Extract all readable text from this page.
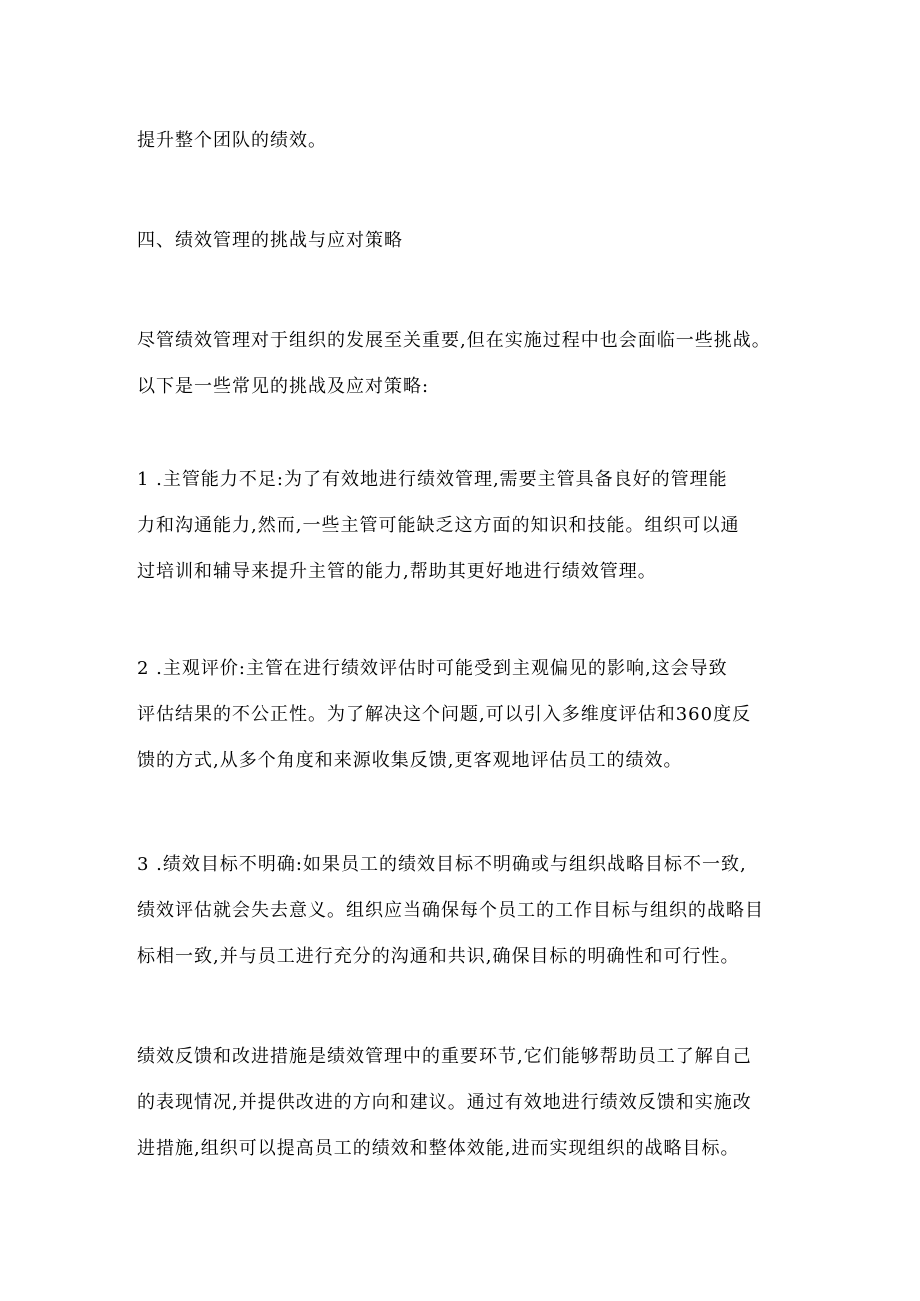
提升整个团队的绩效。

四、绩效管理的挑战与应对策略

尽管绩效管理对于组织的发展至关重要,但在实施过程中也会面临一些挑战。
以下是一些常见的挑战及应对策略:

1 .主管能力不足:为了有效地进行绩效管理,需要主管具备良好的管理能
力和沟通能力,然而,一些主管可能缺乏这方面的知识和技能。组织可以通
过培训和辅导来提升主管的能力,帮助其更好地进行绩效管理。

2 .主观评价:主管在进行绩效评估时可能受到主观偏见的影响,这会导致
评估结果的不公正性。为了解决这个问题,可以引入多维度评估和360度反
馈的方式,从多个角度和来源收集反馈,更客观地评估员工的绩效。

3 .绩效目标不明确:如果员工的绩效目标不明确或与组织战略目标不一致,
绩效评估就会失去意义。组织应当确保每个员工的工作目标与组织的战略目
标相一致,并与员工进行充分的沟通和共识,确保目标的明确性和可行性。

绩效反馈和改进措施是绩效管理中的重要环节,它们能够帮助员工了解自己
的表现情况,并提供改进的方向和建议。通过有效地进行绩效反馈和实施改
进措施,组织可以提高员工的绩效和整体效能,进而实现组织的战略目标。
